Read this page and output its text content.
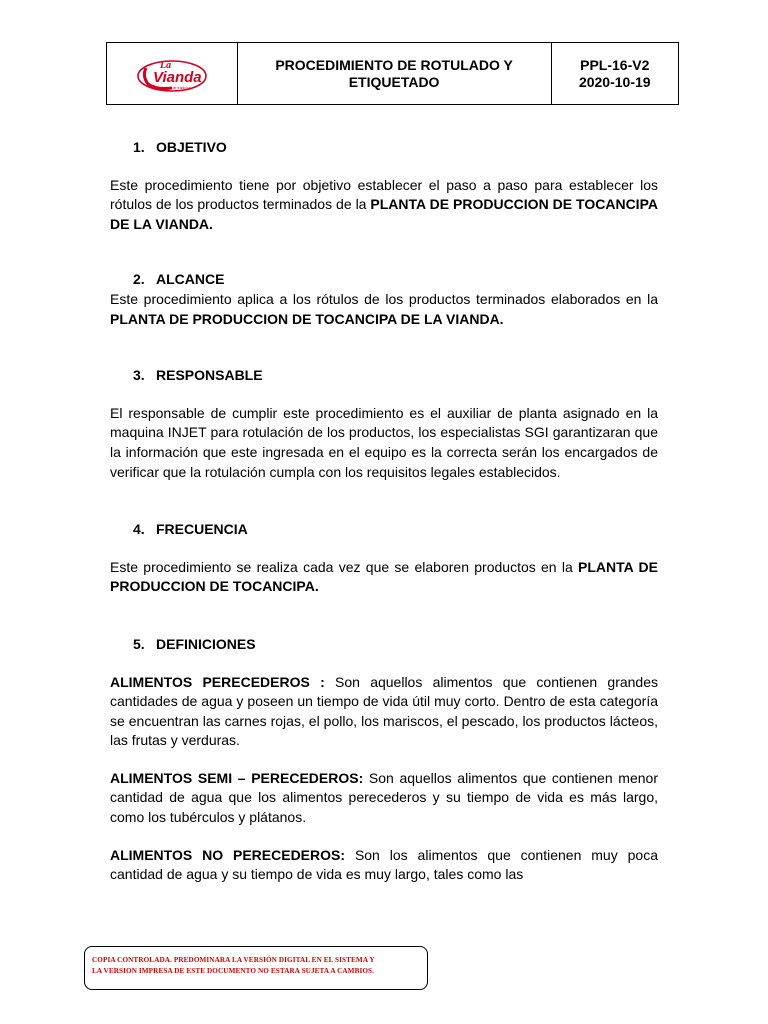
La
Vianda
un sabor de tradición

PROCEDIMIENTO DE ROTULADO Y
ETIQUETADO

PPL-16-V2
2020-10-19
1. OBJETIVO

Este procedimiento tiene por objetivo establecer el paso a paso para establecer los rótulos de los productos terminados de la PLANTA DE PRODUCCION DE TOCANCIPA DE LA VIANDA.

2. ALCANCE

Este procedimiento aplica a los rótulos de los productos terminados elaborados en la PLANTA DE PRODUCCION DE TOCANCIPA DE LA VIANDA.

3. RESPONSABLE

El responsable de cumplir este procedimiento es el auxiliar de planta asignado en la maquina INJET para rotulación de los productos, los especialistas SGI garantizaran que la información que este ingresada en el equipo es la correcta serán los encargados de verificar que la rotulación cumpla con los requisitos legales establecidos.

4. FRECUENCIA

Este procedimiento se realiza cada vez que se elaboren productos en la PLANTA DE PRODUCCION DE TOCANCIPA.

5. DEFINICIONES

ALIMENTOS PERECEDEROS : Son aquellos alimentos que contienen grandes cantidades de agua y poseen un tiempo de vida útil muy corto. Dentro de esta categoría se encuentran las carnes rojas, el pollo, los mariscos, el pescado, los productos lácteos, las frutas y verduras.

ALIMENTOS SEMI – PERECEDEROS: Son aquellos alimentos que contienen menor cantidad de agua que los alimentos perecederos y su tiempo de vida es más largo, como los tubérculos y plátanos.

ALIMENTOS NO PERECEDEROS: Son los alimentos que contienen muy poca cantidad de agua y su tiempo de vida es muy largo, tales como las

COPIA CONTROLADA. PREDOMINARA LA VERSIÓN DIGITAL EN EL SISTEMA Y
LA VERSION IMPRESA DE ESTE DOCUMENTO NO ESTARA SUJETA A CAMBIOS.
